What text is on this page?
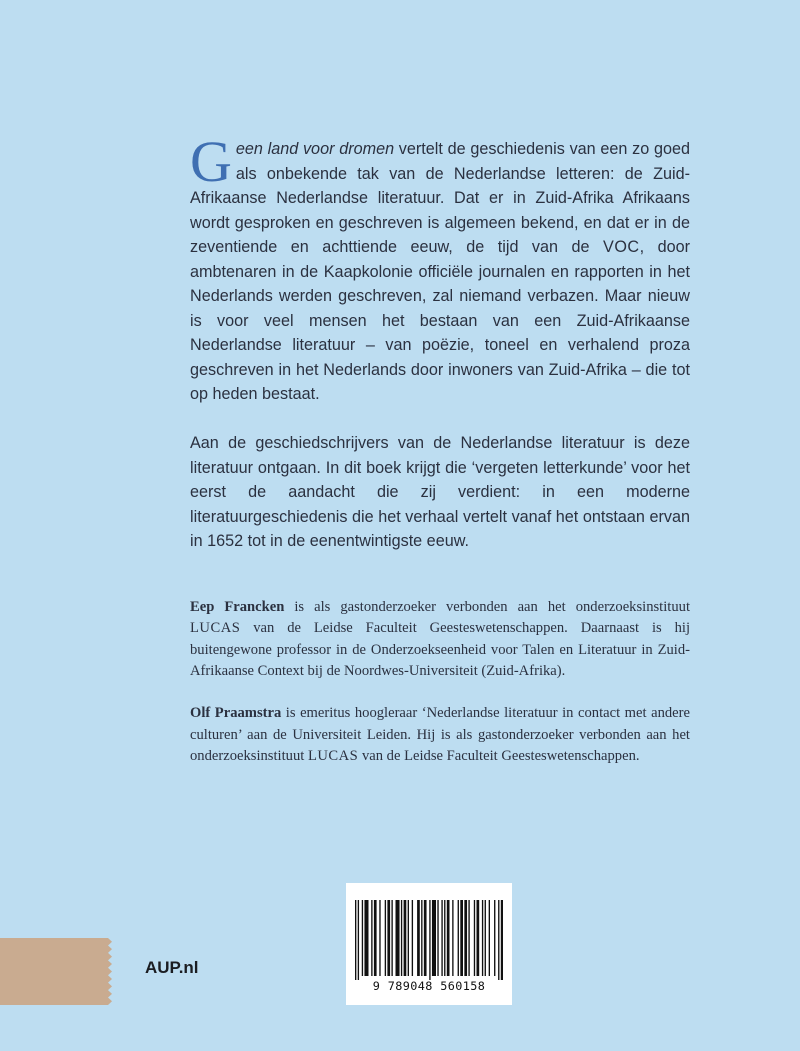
Geen land voor dromen vertelt de geschiedenis van een zo goed als onbekende tak van de Nederlandse letteren: de Zuid-Afrikaanse Nederlandse literatuur. Dat er in Zuid-Afrika Afrikaans wordt gesproken en geschreven is algemeen bekend, en dat er in de zeventiende en achttiende eeuw, de tijd van de VOC, door ambtenaren in de Kaapkolonie officiële journalen en rapporten in het Nederlands werden geschreven, zal niemand verbazen. Maar nieuw is voor veel mensen het bestaan van een Zuid-Afrikaanse Nederlandse literatuur – van poëzie, toneel en verhalend proza geschreven in het Nederlands door inwoners van Zuid-Afrika – die tot op heden bestaat.

Aan de geschiedschrijvers van de Nederlandse literatuur is deze literatuur ontgaan. In dit boek krijgt die ‘vergeten letterkunde’ voor het eerst de aandacht die zij verdient: in een moderne literatuurgeschiedenis die het verhaal vertelt vanaf het ontstaan ervan in 1652 tot in de eenentwintigste eeuw.

Eep Francken is als gastonderzoeker verbonden aan het onderzoeksinstituut LUCAS van de Leidse Faculteit Geesteswetenschappen. Daarnaast is hij buitengewone professor in de Onderzoekseenheid voor Talen en Literatuur in Zuid-Afrikaanse Context bij de Noordwes-Universiteit (Zuid-Afrika).

Olf Praamstra is emeritus hoogleraar ‘Nederlandse literatuur in contact met andere culturen’ aan de Universiteit Leiden. Hij is als gastonderzoeker verbonden aan het onderzoeksinstituut LUCAS van de Leidse Faculteit Geesteswetenschappen.

AUP.nl
9 789048 560158
